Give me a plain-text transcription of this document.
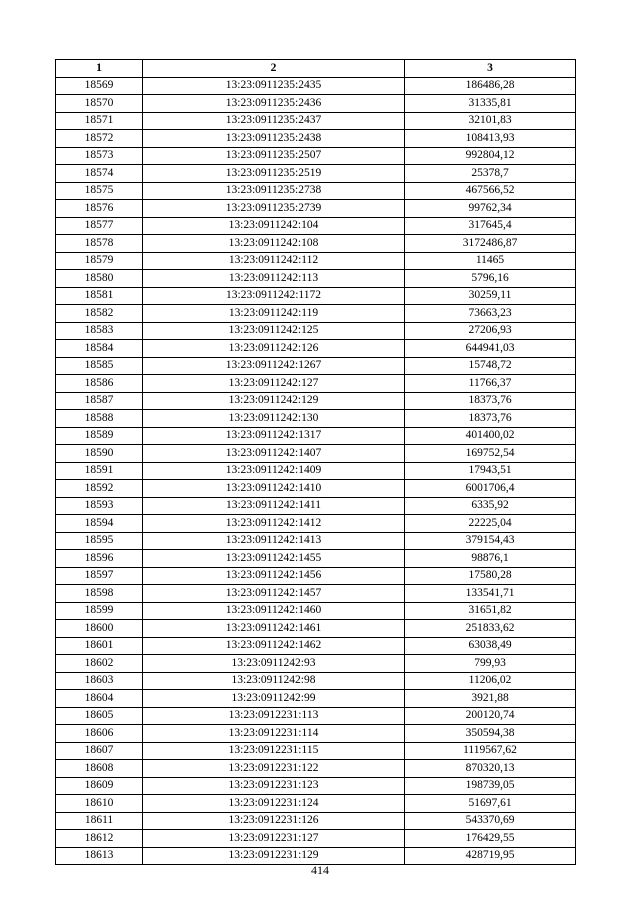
1	2	3
18569	13:23:0911235:2435	186486,28
18570	13:23:0911235:2436	31335,81
18571	13:23:0911235:2437	32101,83
18572	13:23:0911235:2438	108413,93
18573	13:23:0911235:2507	992804,12
18574	13:23:0911235:2519	25378,7
18575	13:23:0911235:2738	467566,52
18576	13:23:0911235:2739	99762,34
18577	13:23:0911242:104	317645,4
18578	13:23:0911242:108	3172486,87
18579	13:23:0911242:112	11465
18580	13:23:0911242:113	5796,16
18581	13:23:0911242:1172	30259,11
18582	13:23:0911242:119	73663,23
18583	13:23:0911242:125	27206,93
18584	13:23:0911242:126	644941,03
18585	13:23:0911242:1267	15748,72
18586	13:23:0911242:127	11766,37
18587	13:23:0911242:129	18373,76
18588	13:23:0911242:130	18373,76
18589	13:23:0911242:1317	401400,02
18590	13:23:0911242:1407	169752,54
18591	13:23:0911242:1409	17943,51
18592	13:23:0911242:1410	6001706,4
18593	13:23:0911242:1411	6335,92
18594	13:23:0911242:1412	22225,04
18595	13:23:0911242:1413	379154,43
18596	13:23:0911242:1455	98876,1
18597	13:23:0911242:1456	17580,28
18598	13:23:0911242:1457	133541,71
18599	13:23:0911242:1460	31651,82
18600	13:23:0911242:1461	251833,62
18601	13:23:0911242:1462	63038,49
18602	13:23:0911242:93	799,93
18603	13:23:0911242:98	11206,02
18604	13:23:0911242:99	3921,88
18605	13:23:0912231:113	200120,74
18606	13:23:0912231:114	350594,38
18607	13:23:0912231:115	1119567,62
18608	13:23:0912231:122	870320,13
18609	13:23:0912231:123	198739,05
18610	13:23:0912231:124	51697,61
18611	13:23:0912231:126	543370,69
18612	13:23:0912231:127	176429,55
18613	13:23:0912231:129	428719,95
414
